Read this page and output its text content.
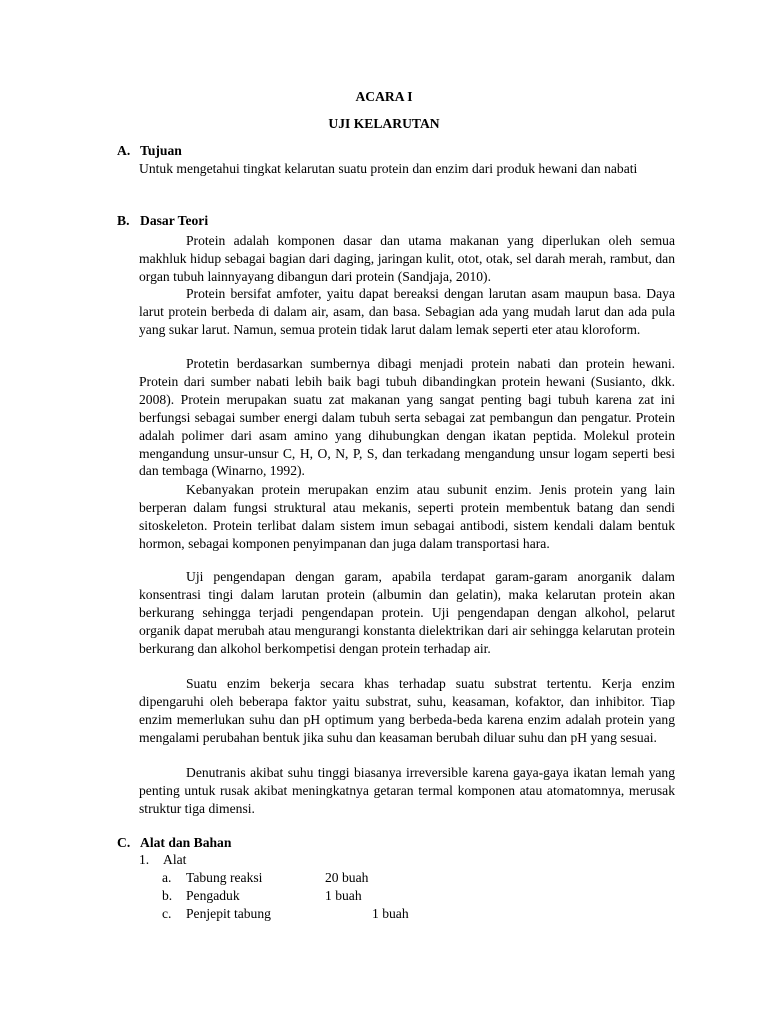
ACARA I
UJI KELARUTAN
A. Tujuan

Untuk mengetahui tingkat kelarutan suatu protein dan enzim dari produk hewani dan nabati

B. Dasar Teori

Protein adalah komponen dasar dan utama makanan yang diperlukan oleh semua makhluk hidup sebagai bagian dari daging, jaringan kulit, otot, otak, sel darah merah, rambut, dan organ tubuh lainnyayang dibangun dari protein (Sandjaja, 2010).

Protein bersifat amfoter, yaitu dapat bereaksi dengan larutan asam maupun basa. Daya larut protein berbeda di dalam air, asam, dan basa. Sebagian ada yang mudah larut dan ada pula yang sukar larut. Namun, semua protein tidak larut dalam lemak seperti eter atau kloroform.

Protetin berdasarkan sumbernya dibagi menjadi protein nabati dan protein hewani. Protein dari sumber nabati lebih baik bagi tubuh dibandingkan protein hewani (Susianto, dkk. 2008). Protein merupakan suatu zat makanan yang sangat penting bagi tubuh karena zat ini berfungsi sebagai sumber energi dalam tubuh serta sebagai zat pembangun dan pengatur. Protein adalah polimer dari asam amino yang dihubungkan dengan ikatan peptida. Molekul protein mengandung unsur-unsur C, H, O, N, P, S, dan terkadang mengandung unsur logam seperti besi dan tembaga (Winarno, 1992).

Kebanyakan protein merupakan enzim atau subunit enzim. Jenis protein yang lain berperan dalam fungsi struktural atau mekanis, seperti protein membentuk batang dan sendi sitoskeleton. Protein terlibat dalam sistem imun sebagai antibodi, sistem kendali dalam bentuk hormon, sebagai komponen penyimpanan dan juga dalam transportasi hara.

Uji pengendapan dengan garam, apabila terdapat garam-garam anorganik dalam konsentrasi tingi dalam larutan protein (albumin dan gelatin), maka kelarutan protein akan berkurang sehingga terjadi pengendapan protein. Uji pengendapan dengan alkohol, pelarut organik dapat merubah atau mengurangi konstanta dielektrikan dari air sehingga kelarutan protein berkurang dan alkohol berkompetisi dengan protein terhadap air.

Suatu enzim bekerja secara khas terhadap suatu substrat tertentu. Kerja enzim dipengaruhi oleh beberapa faktor yaitu substrat, suhu, keasaman, kofaktor, dan inhibitor. Tiap enzim memerlukan suhu dan pH optimum yang berbeda-beda karena enzim adalah protein yang mengalami perubahan bentuk jika suhu dan keasaman berubah diluar suhu dan pH yang sesuai.

Denutranis akibat suhu tinggi biasanya irreversible karena gaya-gaya ikatan lemah yang penting untuk rusak akibat meningkatnya getaran termal komponen atau atomatomnya, merusak struktur tiga dimensi.

C. Alat dan Bahan
1. Alat
a. Tabung reaksi	20 buah
b. Pengaduk	1 buah
c. Penjepit tabung	1 buah
